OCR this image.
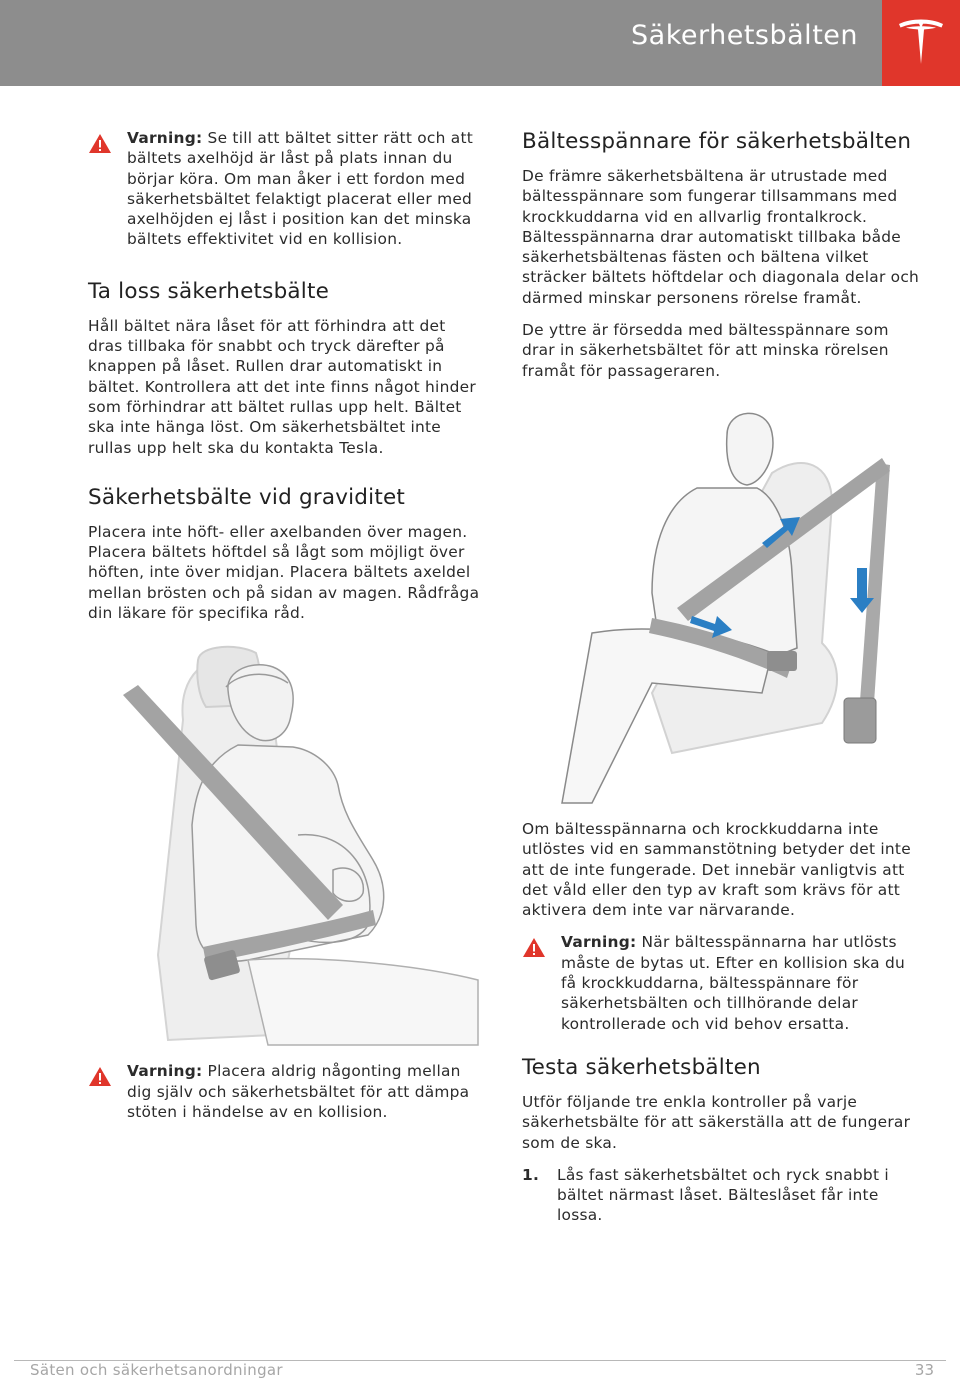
Säkerhetsbälten
Varning: Se till att bältet sitter rätt och att bältets axelhöjd är låst på plats innan du börjar köra. Om man åker i ett fordon med säkerhetsbältet felaktigt placerat eller med axelhöjden ej låst i position kan det minska bältets effektivitet vid en kollision.
Ta loss säkerhetsbälte

Håll bältet nära låset för att förhindra att det dras tillbaka för snabbt och tryck därefter på knappen på låset. Rullen drar automatiskt in bältet. Kontrollera att det inte finns något hinder som förhindrar att bältet rullas upp helt. Bältet ska inte hänga löst. Om säkerhetsbältet inte rullas upp helt ska du kontakta Tesla.

Säkerhetsbälte vid graviditet

Placera inte höft- eller axelbanden över magen. Placera bältets höftdel så lågt som möjligt över höften, inte över midjan. Placera bältets axeldel mellan brösten och på sidan av magen. Rådfråga din läkare för specifika råd.

Varning: Placera aldrig någonting mellan dig själv och säkerhetsbältet för att dämpa stöten i händelse av en kollision.
Bältesspännare för säkerhetsbälten

De främre säkerhetsbältena är utrustade med bältesspännare som fungerar tillsammans med krockkuddarna vid en allvarlig frontalkrock. Bältesspännarna drar automatiskt tillbaka både säkerhetsbältenas fästen och bältena vilket sträcker bältets höftdelar och diagonala delar och därmed minskar personens rörelse framåt.

De yttre är försedda med bältesspännare som drar in säkerhetsbältet för att minska rörelsen framåt för passageraren.

Om bältesspännarna och krockkuddarna inte utlöstes vid en sammanstötning betyder det inte att de inte fungerade. Det innebär vanligtvis att det våld eller den typ av kraft som krävs för att aktivera dem inte var närvarande.

Varning: När bältesspännarna har utlösts måste de bytas ut. Efter en kollision ska du få krockkuddarna, bältesspännare för säkerhetsbälten och tillhörande delar kontrollerade och vid behov ersatta.
Testa säkerhetsbälten

Utför följande tre enkla kontroller på varje säkerhetsbälte för att säkerställa att de fungerar som de ska.

1. Lås fast säkerhetsbältet och ryck snabbt i bältet närmast låset. Bälteslåset får inte lossa.
Säten och säkerhetsanordningar	33
